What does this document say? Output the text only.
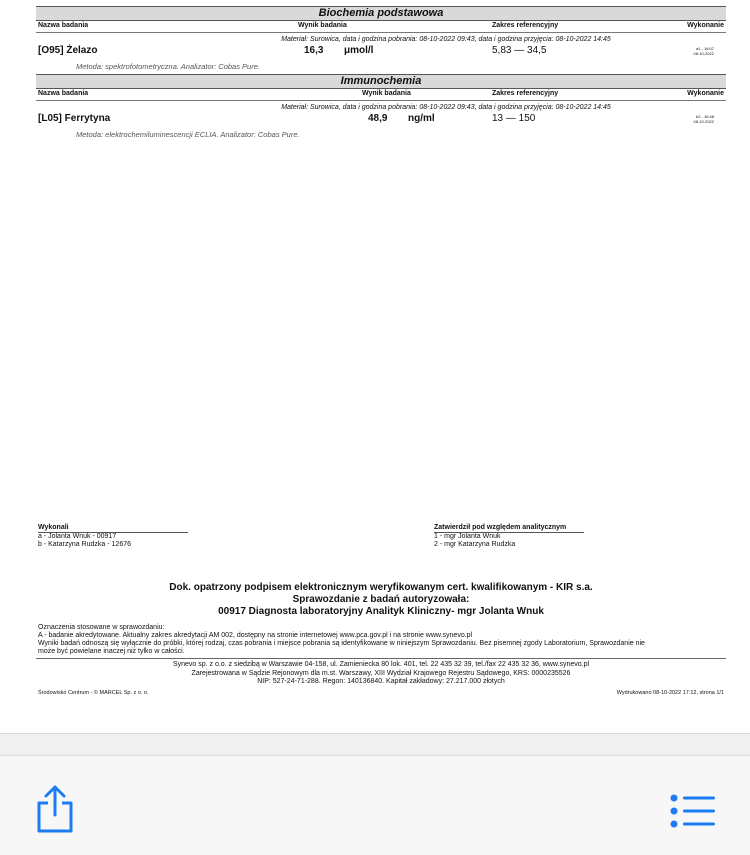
Biochemia podstawowa
Nazwa badania	Wynik badania	Zakres referencyjny	Wykonanie
Materiał: Surowica, data i godzina pobrania: 08-10-2022 09:43, data i godzina przyjęcia: 08-10-2022 14:45
[O95] Żelazo	16,3 μmol/l	5,83 — 34,5	a1 - 16:07
08-10-2022
Metoda: spektrofotometryczna. Analizator: Cobas Pure.
Immunochemia
Nazwa badania	Wynik badania	Zakres referencyjny	Wykonanie
Materiał: Surowica, data i godzina pobrania: 08-10-2022 09:43, data i godzina przyjęcia: 08-10-2022 14:45
[L05] Ferrytyna	48,9 ng/ml	13 — 150	b2 - 16:48
08-10-2022
Metoda: elektrochemiluminescencji ECLIA. Analizator: Cobas Pure.
Wykonali
a - Jolanta Wnuk - 00917
b - Katarzyna Rudzka - 12676
Zatwierdził pod względem analitycznym
1 - mgr Jolanta Wnuk
2 - mgr Katarzyna Rudzka
Dok. opatrzony podpisem elektronicznym weryfikowanym cert. kwalifikowanym - KIR s.a.
Sprawozdanie z badań autoryzowała:
00917 Diagnosta laboratoryjny Analityk Kliniczny- mgr Jolanta Wnuk
Oznaczenia stosowane w sprawozdaniu:
A - badanie akredytowane. Aktualny zakres akredytacji AM 002, dostępny na stronie internetowej www.pca.gov.pl i na stronie www.synevo.pl
Wyniki badań odnoszą się wyłącznie do próbki, której rodzaj, czas pobrania i miejsce pobrania są identyfikowane w niniejszym Sprawozdaniu. Bez pisemnej zgody Laboratorium, Sprawozdanie nie
może być powielane inaczej niż tylko w całości.
Synevo sp. z o.o. z siedzibą w Warszawie 04-158, ul. Zamieniecka 80 lok. 401, tel. 22 435 32 39, tel./fax 22 435 32 36, www.synevo.pl
Zarejestrowana w Sądzie Rejonowym dla m.st. Warszawy, XIII Wydział Krajowego Rejestru Sądowego, KRS: 0000235526
NIP: 527-24-71-288. Regon: 140136840. Kapitał zakładowy: 27.217.000 złotych
Środowisko Centrum - © MARCEL Sp. z o. o.	Wydrukowano 08-10-2022 17:12, strona 1/1
